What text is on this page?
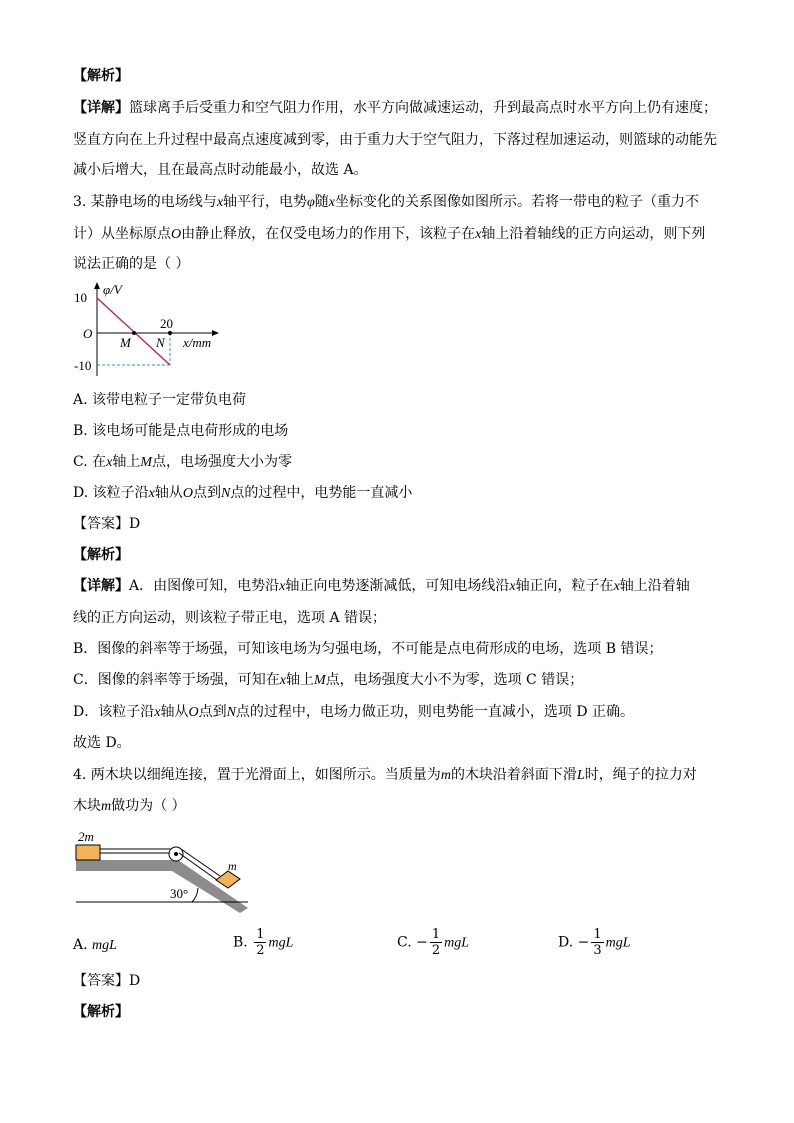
【解析】
【详解】篮球离手后受重力和空气阻力作用，水平方向做减速运动，升到最高点时水平方向上仍有速度；
竖直方向在上升过程中最高点速度减到零，由于重力大于空气阻力，下落过程加速运动，则篮球的动能先
减小后增大，且在最高点时动能最小，故选 A。
3. 某静电场的电场线与x轴平行，电势φ随x坐标变化的关系图像如图所示。若将一带电的粒子（重力不
计）从坐标原点O由静止释放，在仅受电场力的作用下，该粒子在x轴上沿着轴线的正方向运动，则下列
说法正确的是（ ）
φ/V
10
O
-10
20
x/mm
M N
A. 该带电粒子一定带负电荷
B. 该电场可能是点电荷形成的电场
C. 在x轴上M点，电场强度大小为零
D. 该粒子沿x轴从O点到N点的过程中，电势能一直减小
【答案】D
【解析】
【详解】A．由图像可知，电势沿x轴正向电势逐渐减低，可知电场线沿x轴正向，粒子在x轴上沿着轴
线的正方向运动，则该粒子带正电，选项 A 错误；
B．图像的斜率等于场强，可知该电场为匀强电场，不可能是点电荷形成的电场，选项 B 错误；
C．图像的斜率等于场强，可知在x轴上M点，电场强度大小不为零，选项 C 错误；
D．该粒子沿x轴从O点到N点的过程中，电场力做正功，则电势能一直减小，选项 D 正确。
故选 D。
4. 两木块以细绳连接，置于光滑面上，如图所示。当质量为m的木块沿着斜面下滑L时，绳子的拉力对
木块m做功为（ ）
2m
m
30°
A. mgL	B. $\frac{1}{2}$ mgL	C. − $\frac{1}{2}$ mgL	D. − $\frac{1}{3}$ mgL
【答案】D
【解析】
